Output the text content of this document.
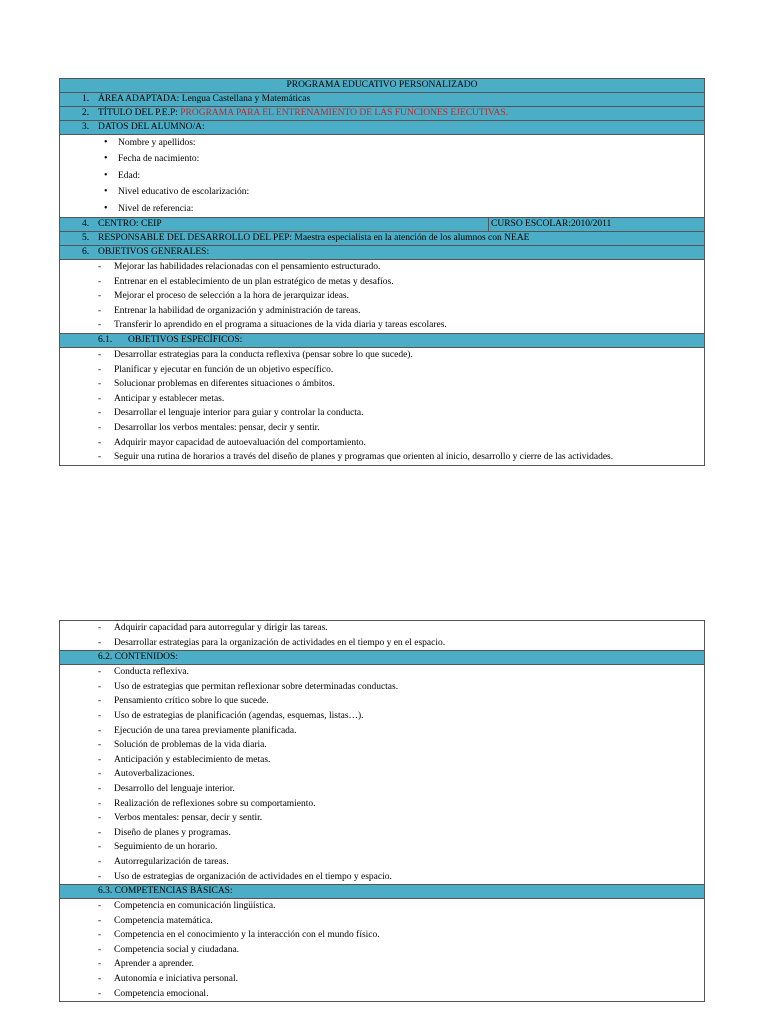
PROGRAMA EDUCATIVO PERSONALIZADO
1. ÁREA ADAPTADA: Lengua Castellana y Matemáticas
2. TÍTULO DEL P.E.P: PROGRAMA PARA EL ENTRENAMIENTO DE LAS FUNCIONES EJECUTIVAS.
3. DATOS DEL ALUMNO/A:
• Nombre y apellidos:
• Fecha de nacimiento:
• Edad:
• Nivel educativo de escolarización:
• Nivel de referencia:
4. CENTRO: CEIP	CURSO ESCOLAR:2010/2011
5. RESPONSABLE DEL DESARROLLO DEL PEP: Maestra especialista en la atención de los alumnos con NEAE
6. OBJETIVOS GENERALES:
- Mejorar las habilidades relacionadas con el pensamiento estructurado.
- Entrenar en el establecimiento de un plan estratégico de metas y desafíos.
- Mejorar el proceso de selección a la hora de jerarquizar ideas.
- Entrenar la habilidad de organización y administración de tareas.
- Transferir lo aprendido en el programa a situaciones de la vida diaria y tareas escolares.
6.1. OBJETIVOS ESPECÍFICOS:
- Desarrollar estrategias para la conducta reflexiva (pensar sobre lo que sucede).
- Planificar y ejecutar en función de un objetivo específico.
- Solucionar problemas en diferentes situaciones o ámbitos.
- Anticipar y establecer metas.
- Desarrollar el lenguaje interior para guiar y controlar la conducta.
- Desarrollar los verbos mentales: pensar, decir y sentir.
- Adquirir mayor capacidad de autoevaluación del comportamiento.
- Seguir una rutina de horarios a través del diseño de planes y programas que orienten al inicio, desarrollo y cierre de las actividades.
- Adquirir capacidad para autorregular y dirigir las tareas.
- Desarrollar estrategias para la organización de actividades en el tiempo y en el espacio.
6.2. CONTENIDOS:
- Conducta reflexiva.
- Uso de estrategias que permitan reflexionar sobre determinadas conductas.
- Pensamiento crítico sobre lo que sucede.
- Uso de estrategias de planificación (agendas, esquemas, listas…).
- Ejecución de una tarea previamente planificada.
- Solución de problemas de la vida diaria.
- Anticipación y establecimiento de metas.
- Autoverbalizaciones.
- Desarrollo del lenguaje interior.
- Realización de reflexiones sobre su comportamiento.
- Verbos mentales: pensar, decir y sentir.
- Diseño de planes y programas.
- Seguimiento de un horario.
- Autorregularización de tareas.
- Uso de estrategias de organización de actividades en el tiempo y espacio.
6.3. COMPETENCIAS BÁSICAS:
- Competencia en comunicación lingüística.
- Competencia matemática.
- Competencia en el conocimiento y la interacción con el mundo físico.
- Competencia social y ciudadana.
- Aprender a aprender.
- Autonomía e iniciativa personal.
- Competencia emocional.
